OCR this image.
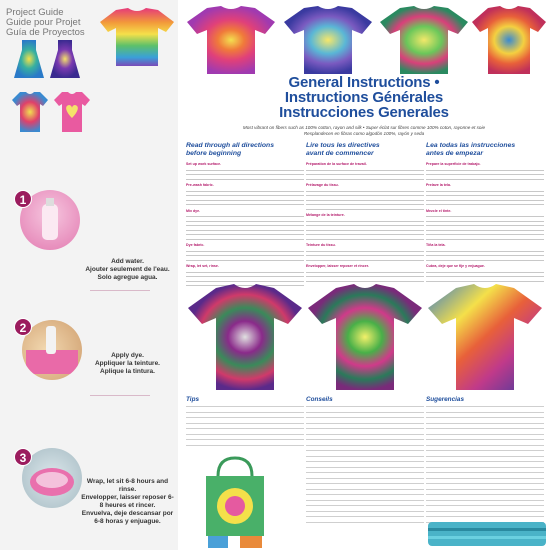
Project Guide
Guide pour Projet
Guía de Proyectos
1
Add water.
Ajouter seulement de l'eau.
Solo agregue agua.
2
Apply dye.
Appliquer la teinture.
Aplique la tintura.
3
Wrap, let sit 6-8 hours and rinse.
Envelopper, laisser reposer 6-8 heures et rincer.
Envuelva, deje descansar por 6-8 horas y enjuague.
General Instructions •
Instructions Générales
Instrucciones Generales
Most vibrant on fibers such as 100% cotton, rayon and silk • Super éclat sur fibres comme 100% coton, rayonne et soie
Resplandecen en fibras como algodón 100%, rayón y seda
Read through all directions
before beginning

Set up work surface.

Pre-wash fabric.

Mix dye.

Dye fabric.

Wrap, let set, rinse.

Lire tous les directives
avant de commencer

Préparation de la surface de travail.

Prélavage du tissu.

Mélange de la teinture.

Teinture du tissu.

Envelopper, laisser reposer et rincer.

Lea todas las instrucciones
antes de empezar

Prepare la superficie de trabajo.

Prelave la tela.

Mezcle el tinte.

Tiña la tela.

Cubra, deje que se fije y enjuague.

Tips	Conseils	Sugerencias
